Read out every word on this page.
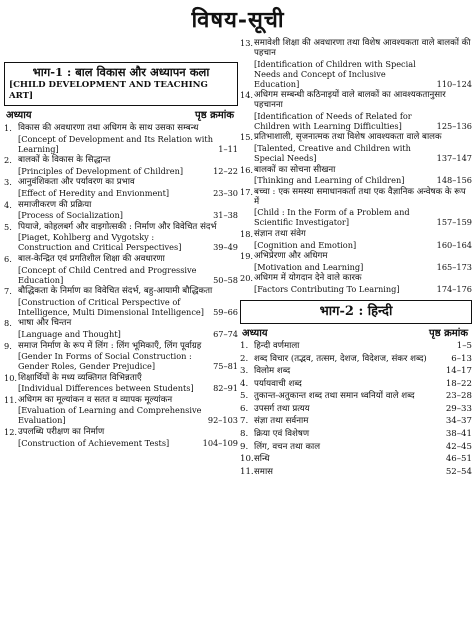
विषय-सूची
भाग-1 : बाल विकास और अध्यापन कला
[CHILD DEVELOPMENT AND TEACHING ART]
अध्याय	पृष्ठ क्रमांक
1. विकास की अवधारणा तथा अधिगम के साथ उसका सम्बन्ध
[Concept of Development and Its Relation with Learning]	1–11
2. बालकों के विकास के सिद्धान्त
[Principles of Development of Children]	12–22
3. आनुवंशिकता और पर्यावरण का प्रभाव
[Effect of Heredity and Envionment]	23–30
4. समाजीकरण की प्रक्रिया
[Process of Socialization]	31–38
5. पियाजे, कोहलबर्ग और वाइगोत्सकी : निर्माण और विवेचित संदर्भ
[Piaget, Kohlberg and Vygotsky : Construction and Critical Perspectives]	39–49
6. बाल-केन्द्रित एवं प्रगतिशील शिक्षा की अवधारणा
[Concept of Child Centred and Progressive Education]	50–58
7. बौद्धिकता के निर्माण का विवेचित संदर्भ, बहु-आयामी बौद्धिकता
[Construction of Critical Perspective of Intelligence, Multi Dimensional Intelligence]	59–66
8. भाषा और चिन्तन
[Language and Thought]	67–74
9. समाज निर्माण के रूप में लिंग : लिंग भूमिकाएँ, लिंग पूर्वाग्रह
[Gender In Forms of Social Construction : Gender Roles, Gender Prejudice]	75–81
10. शिक्षार्थियों के मध्य व्यक्तिगत विभिन्नताएँ
[Individual Differences between Students]	82–91
11. अधिगम का मूल्यांकन व सतत व व्यापक मूल्यांकन
[Evaluation of Learning and Comprehensive Evaluation]	92–103
12. उपलब्धि परीक्षण का निर्माण
[Construction of Achievement Tests]	104–109
13. समावेशी शिक्षा की अवधारणा तथा विशेष आवश्यकता वाले बालकों की पहचान
[Identification of Children with Special Needs and Concept of Inclusive Education]	110–124
14. अधिगम सम्बन्धी कठिनाइयों वाले बालकों का आवश्यकतानुसार पहचानना
[Identification of Needs of Related for Children with Learning Difficulties]	125–136
15. प्रतिभाशाली, सृजनात्मक तथा विशेष आवश्यकता वाले बालक
[Talented, Creative and Children with Special Needs]	137–147
16. बालकों का सोचना सीखना
[Thinking and Learning of Children]	148–156
17. बच्चा : एक समस्या समाधानकर्ता तथा एक वैज्ञानिक अन्वेषक के रूप में
[Child : In the Form of a Problem and Scientific Investigator]	157–159
18. संज्ञान तथा संवेग
[Cognition and Emotion]	160–164
19. अभिप्रेरणा और अधिगम
[Motivation and Learning]	165–173
20. अधिगम में योगदान देने वाले कारक
[Factors Contributing To Learning]	174–176
भाग-2 : हिन्दी
अध्याय	पृष्ठ क्रमांक
1. हिन्दी वर्णमाला	1–5
2. शब्द विचार (तद्भव, तत्सम, देशज, विदेशज, संकर शब्द)	6–13
3. विलोम शब्द	14–17
4. पर्यायवाची शब्द	18–22
5. तुकान्त-अतुकान्त शब्द तथा समान ध्वनियों वाले शब्द	23–28
6. उपसर्ग तथा प्रत्यय	29–33
7. संज्ञा तथा सर्वनाम	34–37
8. क्रिया एवं विशेषण	38–41
9. लिंग, वचन तथा काल	42–45
10. सन्धि	46–51
11. समास	52–54
